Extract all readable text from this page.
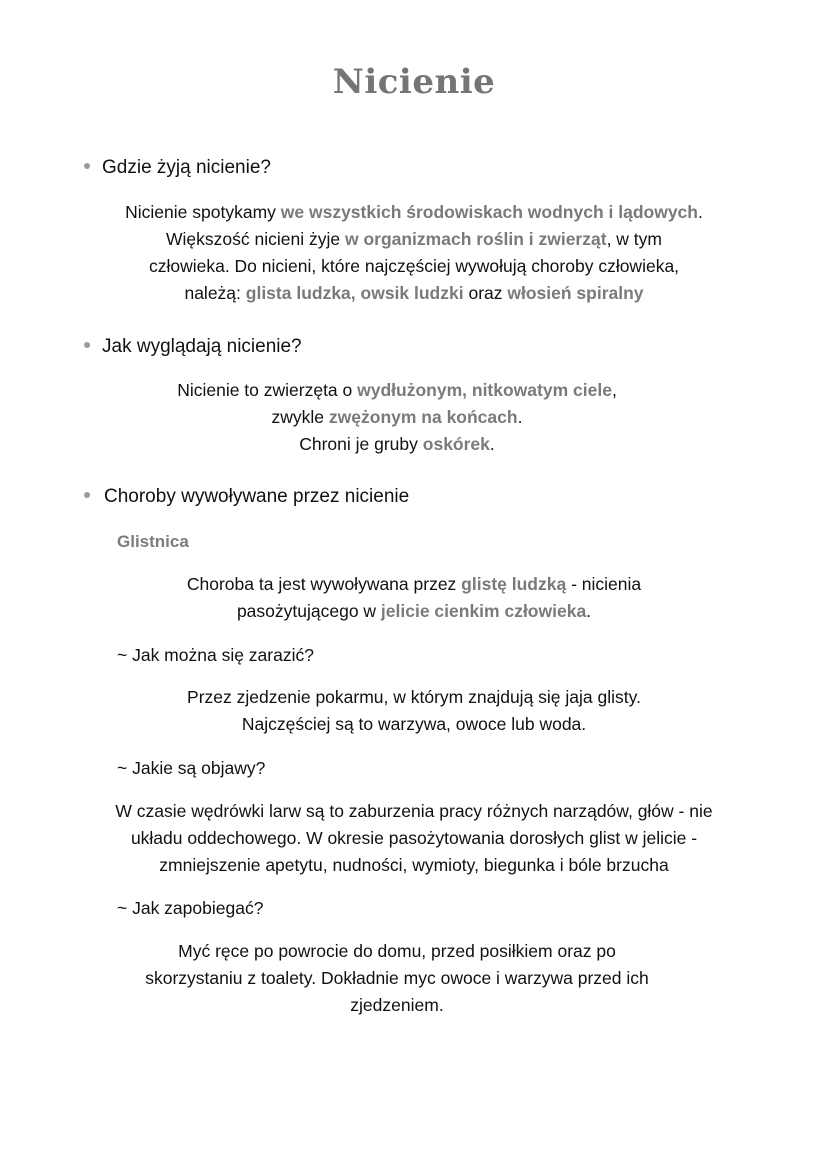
Nicienie

Gdzie żyją nicienie?

Nicienie spotykamy we wszystkich środowiskach wodnych i lądowych.
Większość nicieni żyje w organizmach roślin i zwierząt, w tym
człowieka. Do nicieni, które najczęściej wywołują choroby człowieka,
należą: glista ludzka, owsik ludzki oraz włosień spiralny

Jak wyglądają nicienie?

Nicienie to zwierzęta o wydłużonym, nitkowatym ciele,
zwykle zwężonym na końcach.
Chroni je gruby oskórek.

Choroby wywoływane przez nicienie

Glistnica

Choroba ta jest wywoływana przez glistę ludzką - nicienia
pasożytującego w jelicie cienkim człowieka.

~ Jak można się zarazić?

Przez zjedzenie pokarmu, w którym znajdują się jaja glisty.
Najczęściej są to warzywa, owoce lub woda.

~ Jakie są objawy?

W czasie wędrówki larw są to zaburzenia pracy różnych narządów, głów - nie
układu oddechowego. W okresie pasożytowania dorosłych glist w jelicie -
zmniejszenie apetytu, nudności, wymioty, biegunka i bóle brzucha

~ Jak zapobiegać?

Myć ręce po powrocie do domu, przed posiłkiem oraz po
skorzystaniu z toalety. Dokładnie myc owoce i warzywa przed ich
zjedzeniem.
